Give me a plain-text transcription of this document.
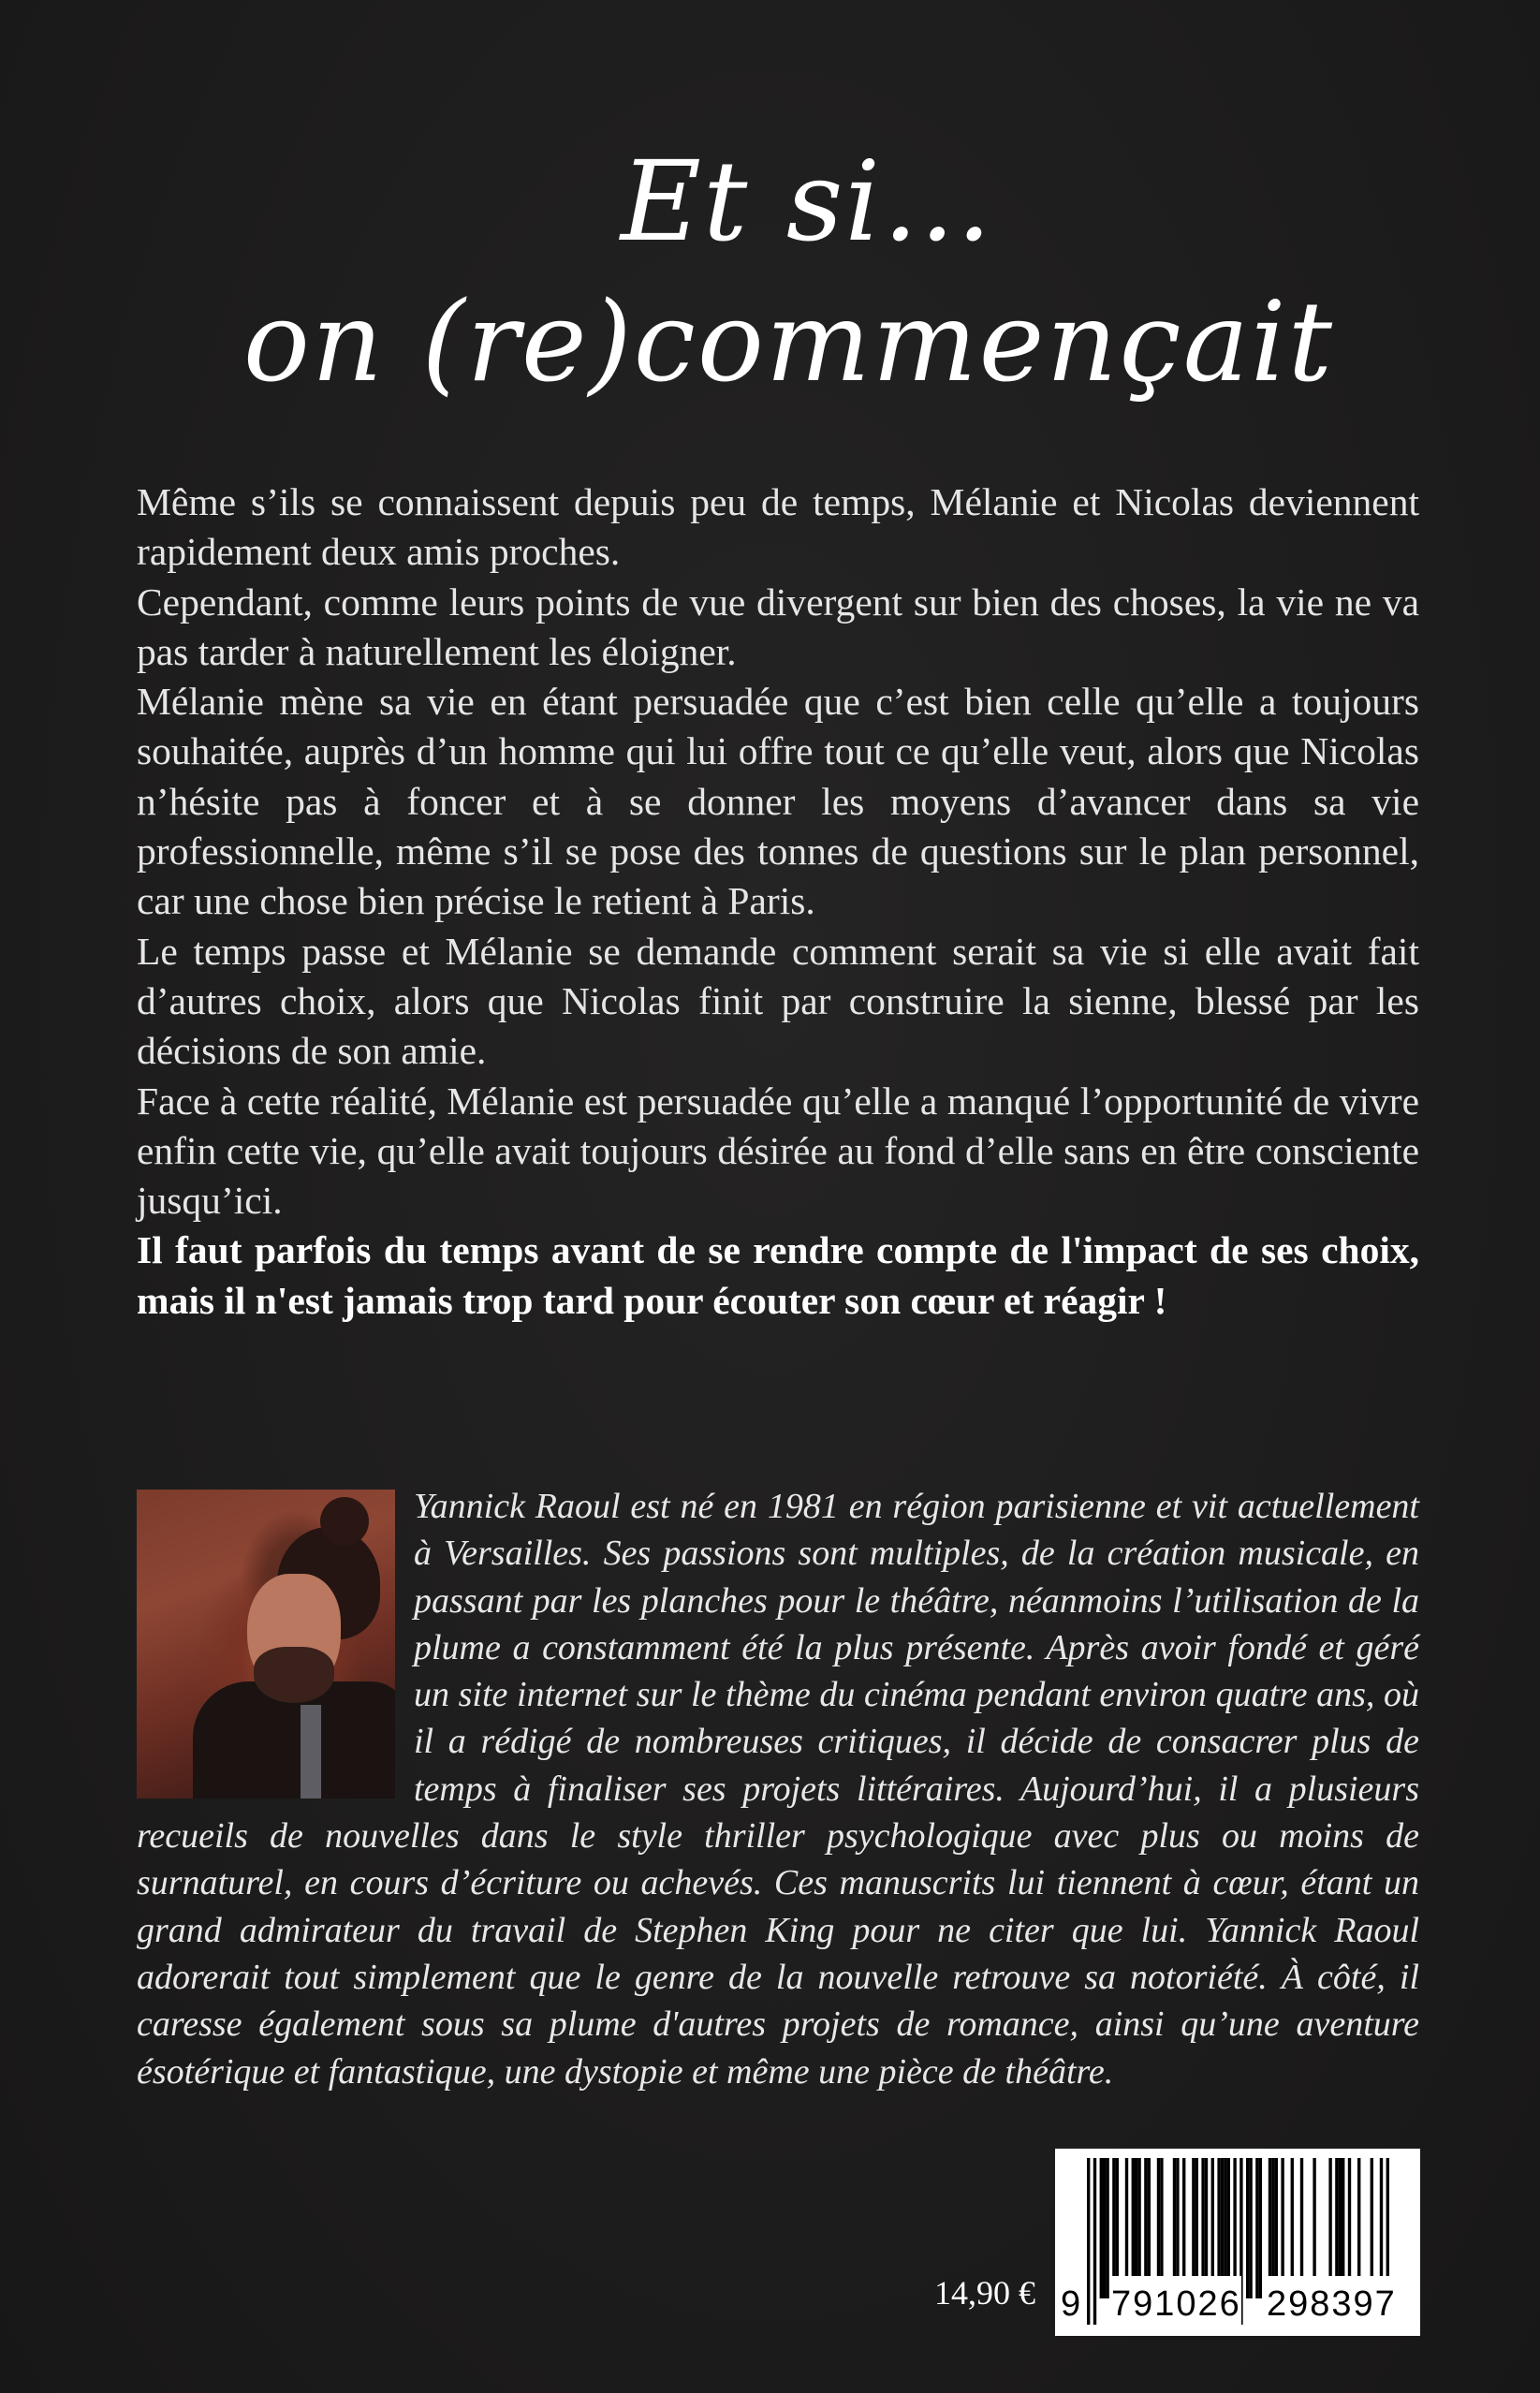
Et si…
on (re)commençait

Même s’ils se connaissent depuis peu de temps, Mélanie et Nicolas deviennent rapidement deux amis proches.

Cependant, comme leurs points de vue divergent sur bien des choses, la vie ne va pas tarder à naturellement les éloigner.

Mélanie mène sa vie en étant persuadée que c’est bien celle qu’elle a toujours souhaitée, auprès d’un homme qui lui offre tout ce qu’elle veut, alors que Nicolas n’hésite pas à foncer et à se donner les moyens d’avancer dans sa vie professionnelle, même s’il se pose des tonnes de questions sur le plan personnel, car une chose bien précise le retient à Paris.

Le temps passe et Mélanie se demande comment serait sa vie si elle avait fait d’autres choix, alors que Nicolas finit par construire la sienne, blessé par les décisions de son amie.

Face à cette réalité, Mélanie est persuadée qu’elle a manqué l’opportunité de vivre enfin cette vie, qu’elle avait toujours désirée au fond d’elle sans en être consciente jusqu’ici.

Il faut parfois du temps avant de se rendre compte de l'impact de ses choix, mais il n'est jamais trop tard pour écouter son cœur et réagir !

Yannick Raoul est né en 1981 en région parisienne et vit actuellement à Versailles. Ses passions sont multiples, de la création musicale, en passant par les planches pour le théâtre, néanmoins l’utilisation de la plume a constamment été la plus présente. Après avoir fondé et géré un site internet sur le thème du cinéma pendant environ quatre ans, où il a rédigé de nombreuses critiques, il décide de consacrer plus de temps à finaliser ses projets littéraires. Aujourd’hui, il a plusieurs recueils de nouvelles dans le style thriller psychologique avec plus ou moins de surnaturel, en cours d’écriture ou achevés. Ces manuscrits lui tiennent à cœur, étant un grand admirateur du travail de Stephen King pour ne citer que lui. Yannick Raoul adorerait tout simplement que le genre de la nouvelle retrouve sa notoriété. À côté, il caresse également sous sa plume d'autres projets de romance, ainsi qu’une aventure ésotérique et fantastique, une dystopie et même une pièce de théâtre.

14,90 € 9 791026 298397
